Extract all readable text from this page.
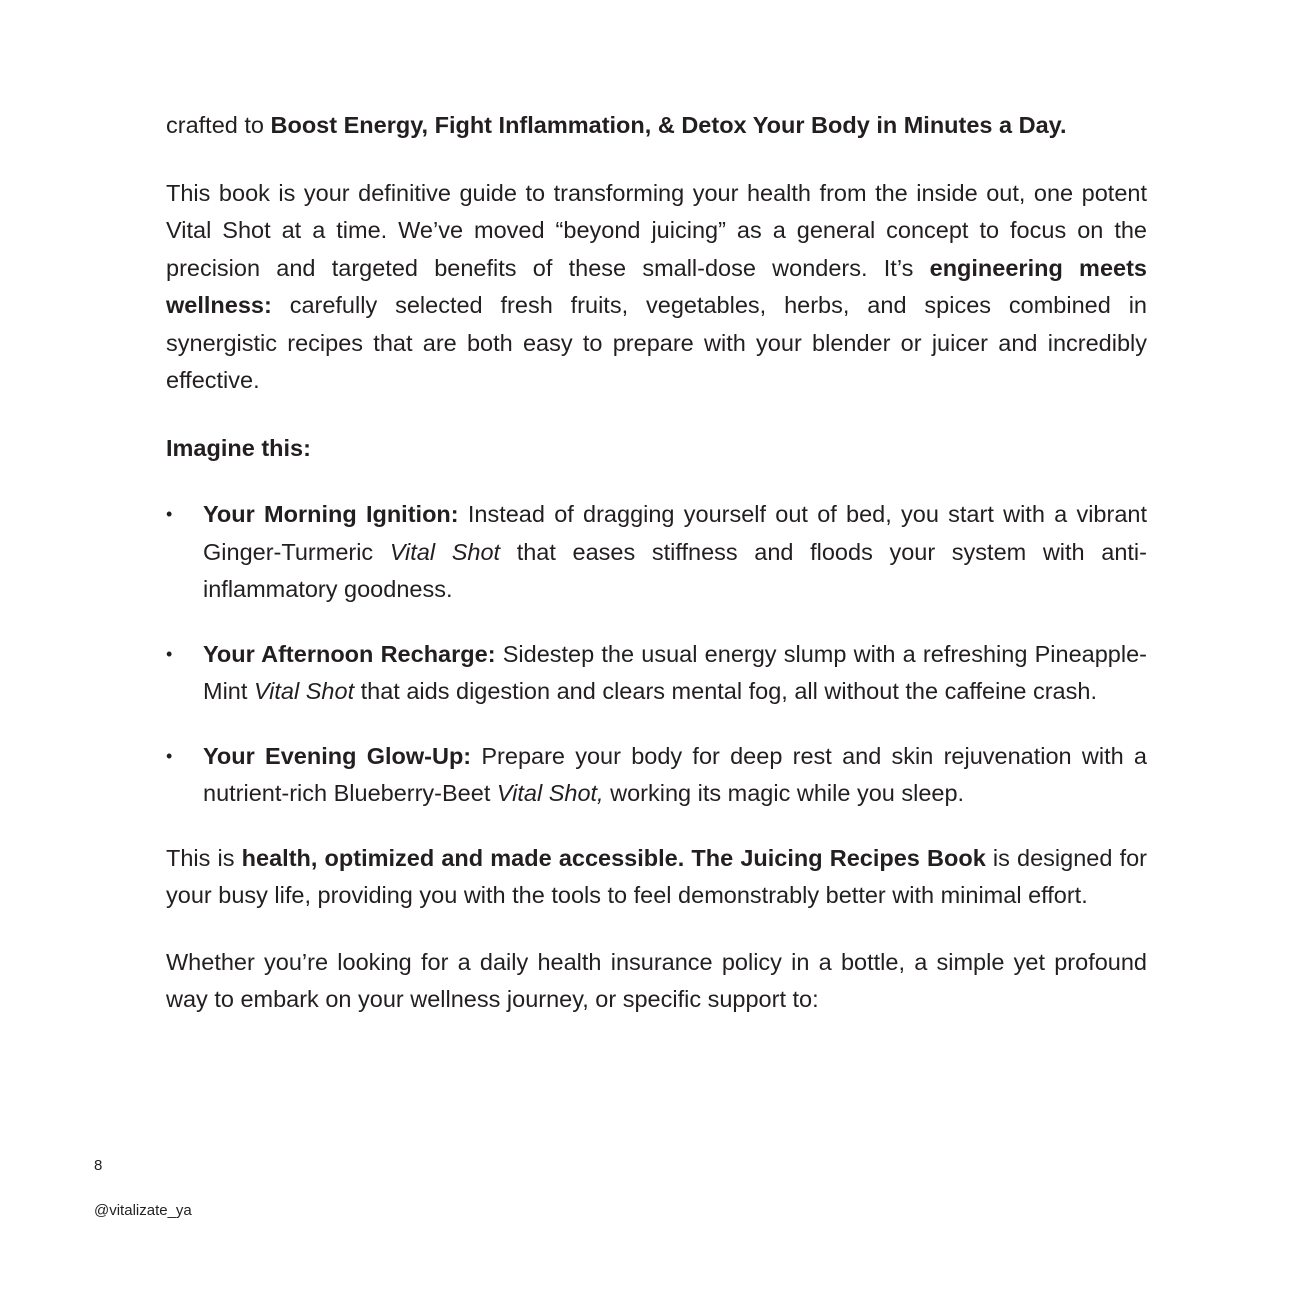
crafted to Boost Energy, Fight Inflammation, & Detox Your Body in Minutes a Day.

This book is your definitive guide to transforming your health from the inside out, one potent Vital Shot at a time. We’ve moved “beyond juicing” as a general concept to focus on the precision and targeted benefits of these small-dose wonders. It’s engineering meets wellness: carefully selected fresh fruits, vegetables, herbs, and spices combined in synergistic recipes that are both easy to prepare with your blender or juicer and incredibly effective.

Imagine this:

• Your Morning Ignition: Instead of dragging yourself out of bed, you start with a vibrant Ginger-Turmeric Vital Shot that eases stiffness and floods your system with anti-inflammatory goodness.
• Your Afternoon Recharge: Sidestep the usual energy slump with a refreshing Pineapple-Mint Vital Shot that aids digestion and clears mental fog, all without the caffeine crash.
• Your Evening Glow-Up: Prepare your body for deep rest and skin rejuvenation with a nutrient-rich Blueberry-Beet Vital Shot, working its magic while you sleep.

This is health, optimized and made accessible. The Juicing Recipes Book is designed for your busy life, providing you with the tools to feel demonstrably better with minimal effort.

Whether you’re looking for a daily health insurance policy in a bottle, a simple yet profound way to embark on your wellness journey, or specific support to:

8
@vitalizate_ya
